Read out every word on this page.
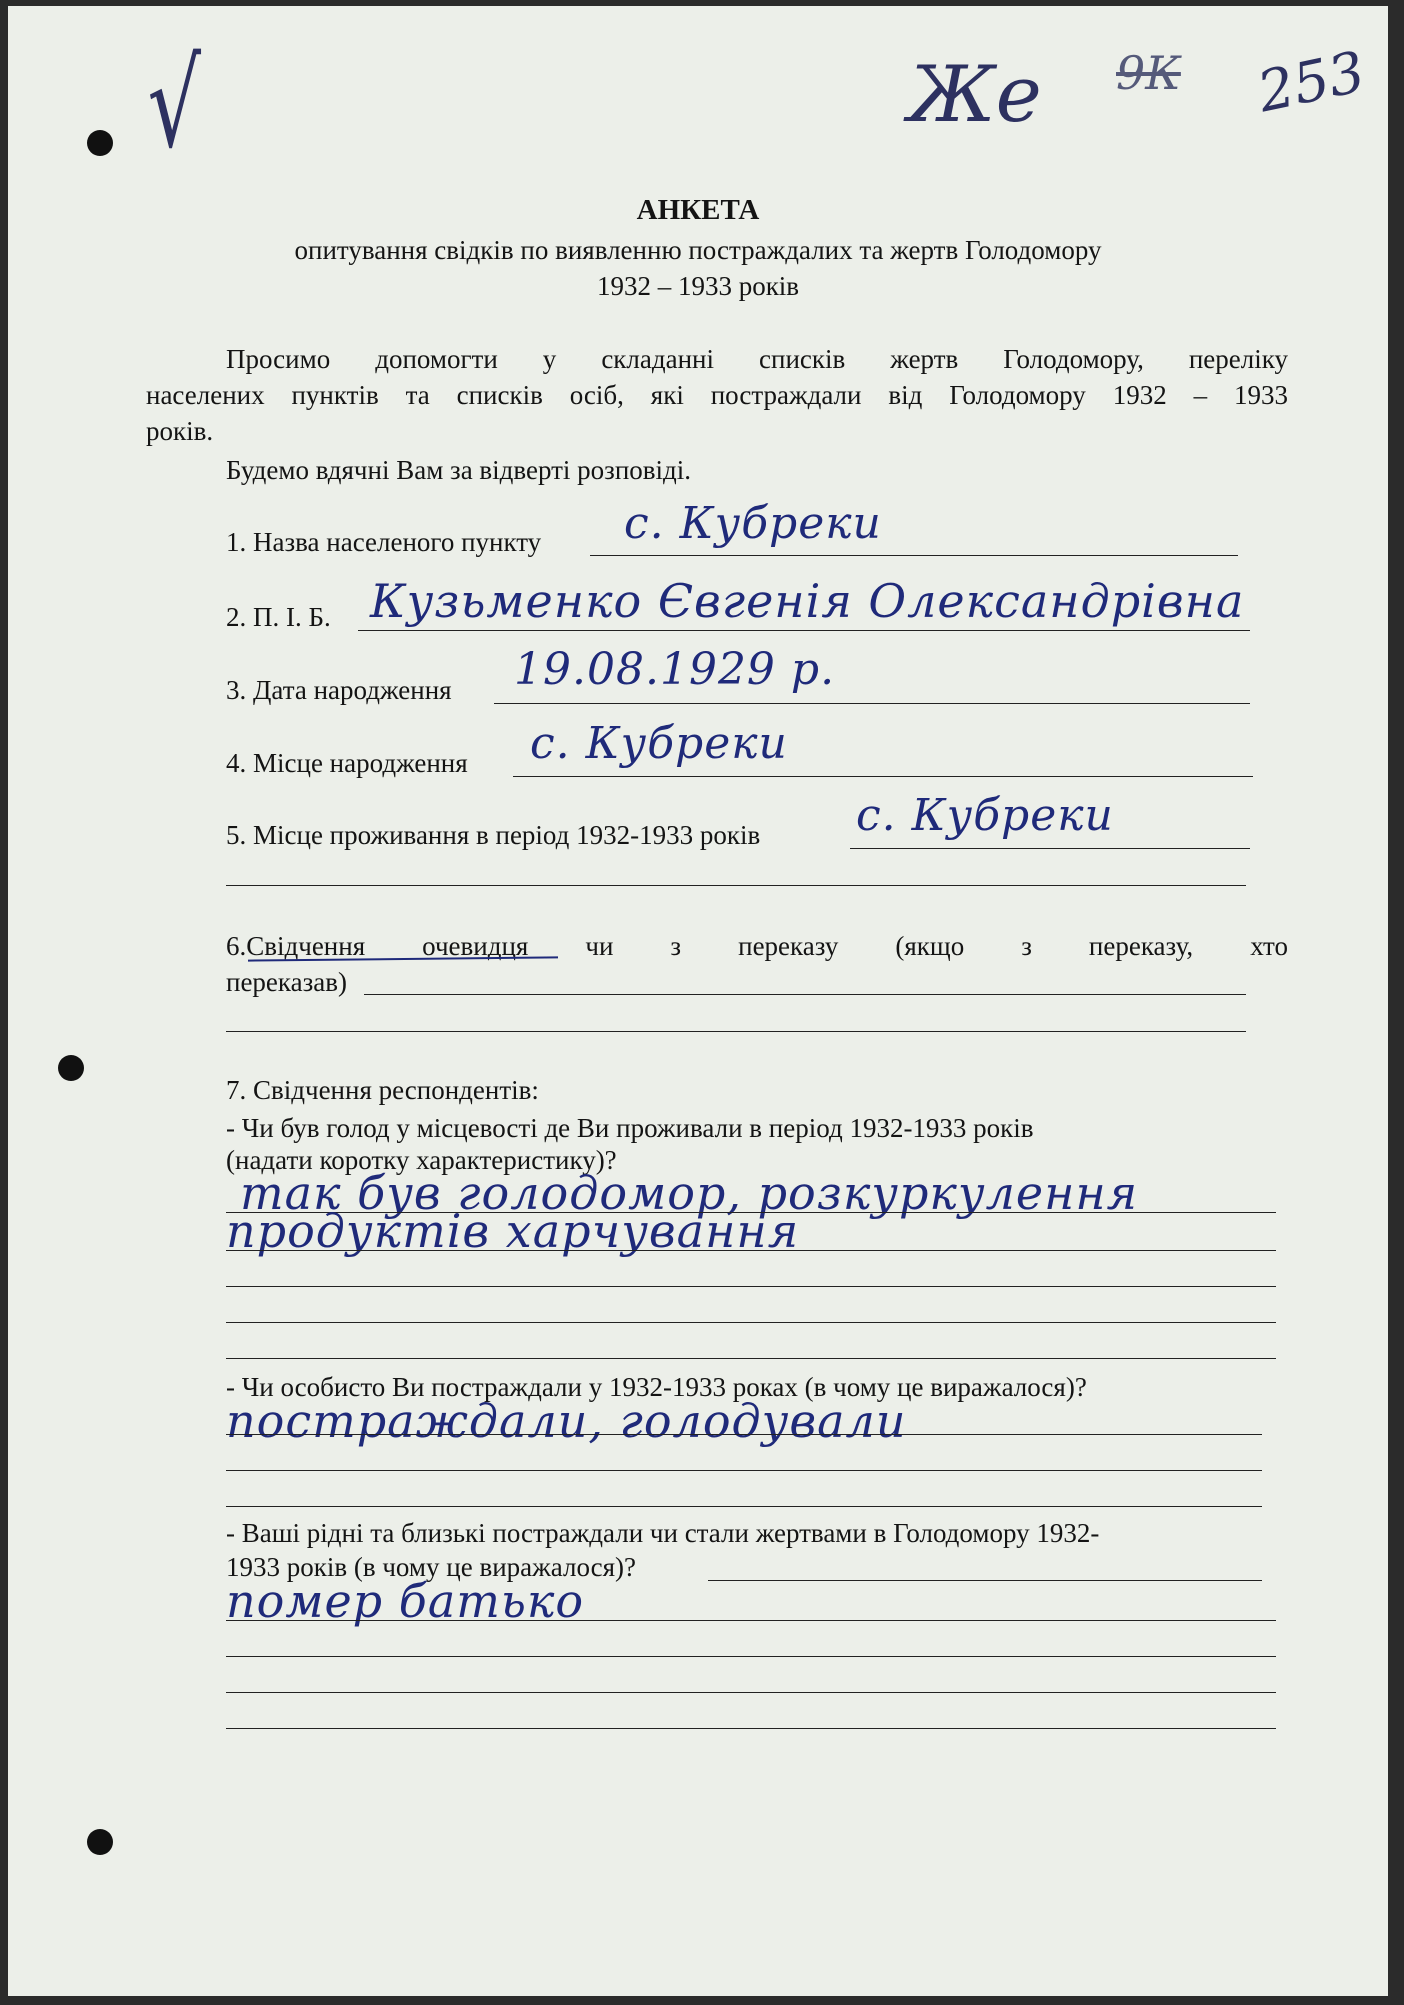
√	Же 9К 253
АНКЕТА
опитування свідків по виявленню постраждалих та жертв Голодомору
1932 – 1933 років
Просимо допомогти у складанні списків жертв Голодомору, переліку
населених пунктів та списків осіб, які постраждали від Голодомору 1932 – 1933
років.
Будемо вдячні Вам за відверті розповіді.
1. Назва населеного пункту с. Кубреки
2. П. І. Б. Кузьменко Євгенія Олександрівна
3. Дата народження 19.08.1929 р.
4. Місце народження с. Кубреки
5. Місце проживання в період 1932-1933 років с. Кубреки
6.Свідчення очевидця чи з переказу (якщо з переказу, хто
переказав)
7. Свідчення респондентів:
- Чи був голод у місцевості де Ви проживали в період 1932-1933 років
(надати коротку характеристику)?
так був голодомор, розкуркулення
продуктів харчування
- Чи особисто Ви постраждали у 1932-1933 роках (в чому це виражалося)?
постраждали, голодували
- Ваші рідні та близькі постраждали чи стали жертвами в Голодомору 1932-
1933 років (в чому це виражалося)?
помер батько
